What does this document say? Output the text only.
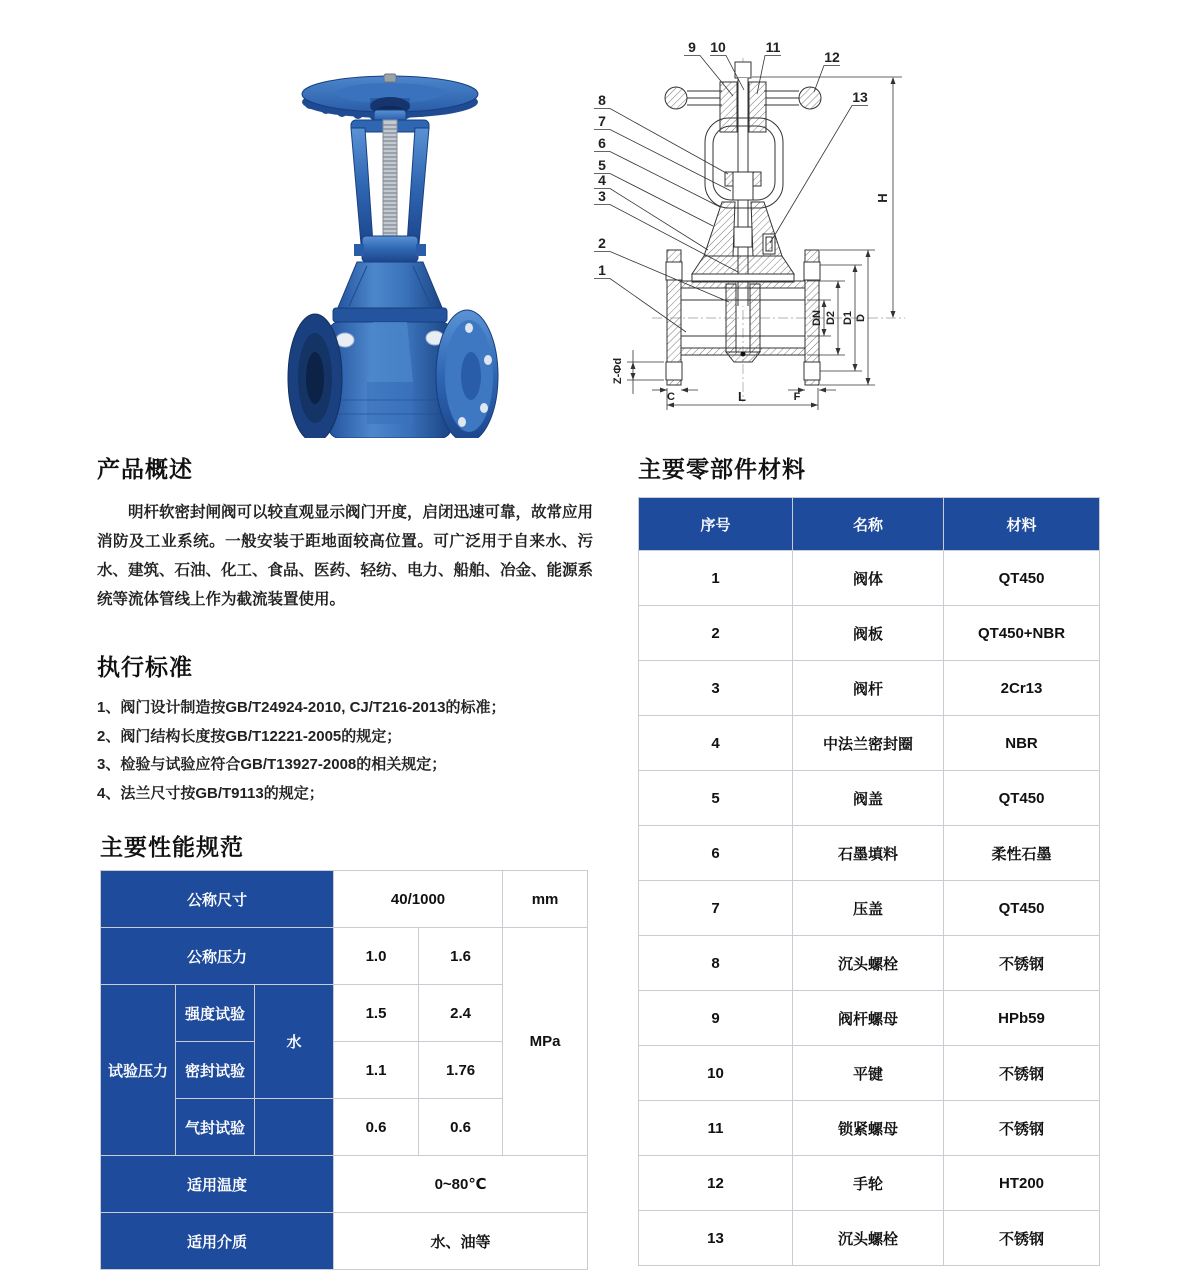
H
DN D2 D1 D
L
C	F
Z-Φd
9 10	11
12
13
8
7
6
5
4
3
2
1
产品概述

明杆软密封闸阀可以较直观显示阀门开度，启闭迅速可靠，故常应用消防及工业系统。一般安装于距地面较高位置。可广泛用于自来水、污水、建筑、石油、化工、食品、医药、轻纺、电力、船舶、冶金、能源系统等流体管线上作为截流装置使用。

执行标准
1、阀门设计制造按GB/T24924-2010, CJ/T216-2013的标准；
2、阀门结构长度按GB/T12221-2005的规定；
3、检验与试验应符合GB/T13927-2008的相关规定；
4、法兰尺寸按GB/T9113的规定；
主要性能规范
公称尺寸			40/1000		mm
公称压力			1.0	1.6	MPa
试验压力	强度试验	水	1.5	2.4	
	密封试验		1.1	1.76	
	气封试验		0.6	0.6	
适用温度			0~80℃		
适用介质			水、油等		
主要零部件材料
序号	名称	材料
1	阀体	QT450
2	阀板	QT450+NBR
3	阀杆	2Cr13
4	中法兰密封圈	NBR
5	阀盖	QT450
6	石墨填料	柔性石墨
7	压盖	QT450
8	沉头螺栓	不锈钢
9	阀杆螺母	HPb59
10	平键	不锈钢
11	锁紧螺母	不锈钢
12	手轮	HT200
13	沉头螺栓	不锈钢
